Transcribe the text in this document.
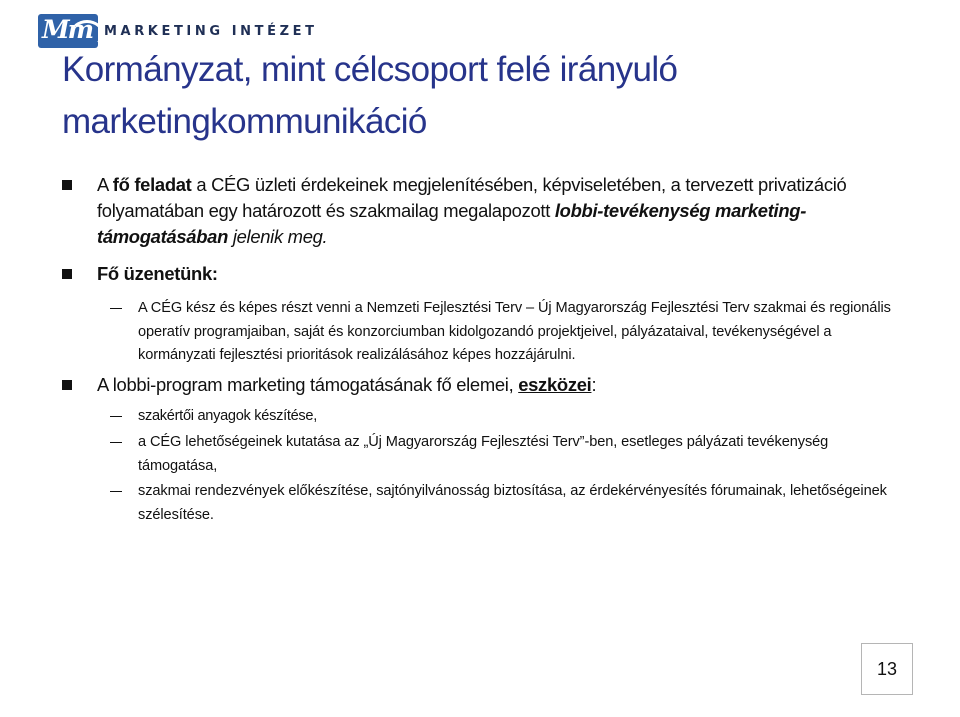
Mm MARKETING INTÉZET
Kormányzat, mint célcsoport felé irányuló marketingkommunikáció

A fő feladat a CÉG üzleti érdekeinek megjelenítésében, képviseletében, a tervezett privatizáció folyamatában egy határozott és szakmailag megalapozott lobbi-tevékenység marketing-támogatásában jelenik meg.

Fő üzenetünk:

A CÉG kész és képes részt venni a Nemzeti Fejlesztési Terv – Új Magyarország Fejlesztési Terv szakmai és regionális operatív programjaiban, saját és konzorciumban kidolgozandó projektjeivel, pályázataival, tevékenységével a kormányzati fejlesztési prioritások realizálásához képes hozzájárulni.

A lobbi-program marketing támogatásának fő elemei, eszközei:

szakértői anyagok készítése,

a CÉG lehetőségeinek kutatása az „Új Magyarország Fejlesztési Terv”-ben, esetleges pályázati tevékenység támogatása,

szakmai rendezvények előkészítése, sajtónyilvánosság biztosítása, az érdekérvényesítés fórumainak, lehetőségeinek szélesítése.

13
